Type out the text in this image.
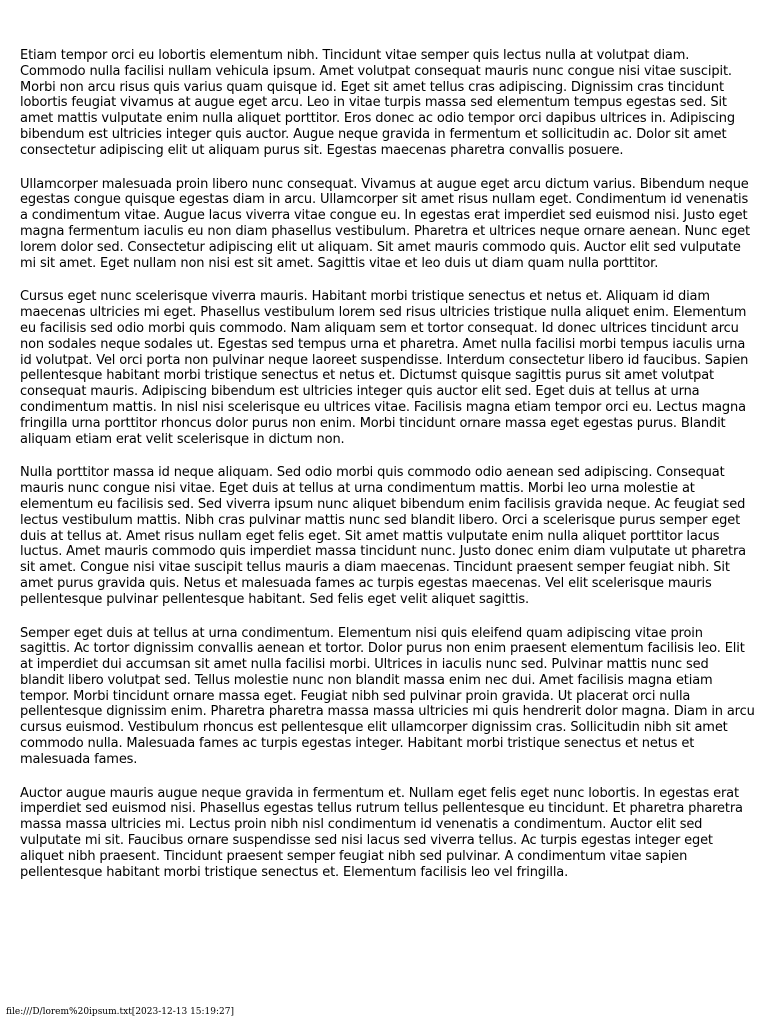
Etiam tempor orci eu lobortis elementum nibh. Tincidunt vitae semper quis lectus nulla at volutpat diam. Commodo nulla facilisi nullam vehicula ipsum. Amet volutpat consequat mauris nunc congue nisi vitae suscipit. Morbi non arcu risus quis varius quam quisque id. Eget sit amet tellus cras adipiscing. Dignissim cras tincidunt lobortis feugiat vivamus at augue eget arcu. Leo in vitae turpis massa sed elementum tempus egestas sed. Sit amet mattis vulputate enim nulla aliquet porttitor. Eros donec ac odio tempor orci dapibus ultrices in. Adipiscing bibendum est ultricies integer quis auctor. Augue neque gravida in fermentum et sollicitudin ac. Dolor sit amet consectetur adipiscing elit ut aliquam purus sit. Egestas maecenas pharetra convallis posuere.

Ullamcorper malesuada proin libero nunc consequat. Vivamus at augue eget arcu dictum varius. Bibendum neque egestas congue quisque egestas diam in arcu. Ullamcorper sit amet risus nullam eget. Condimentum id venenatis a condimentum vitae. Augue lacus viverra vitae congue eu. In egestas erat imperdiet sed euismod nisi. Justo eget magna fermentum iaculis eu non diam phasellus vestibulum. Pharetra et ultrices neque ornare aenean. Nunc eget lorem dolor sed. Consectetur adipiscing elit ut aliquam. Sit amet mauris commodo quis. Auctor elit sed vulputate mi sit amet. Eget nullam non nisi est sit amet. Sagittis vitae et leo duis ut diam quam nulla porttitor.

Cursus eget nunc scelerisque viverra mauris. Habitant morbi tristique senectus et netus et. Aliquam id diam maecenas ultricies mi eget. Phasellus vestibulum lorem sed risus ultricies tristique nulla aliquet enim. Elementum eu facilisis sed odio morbi quis commodo. Nam aliquam sem et tortor consequat. Id donec ultrices tincidunt arcu non sodales neque sodales ut. Egestas sed tempus urna et pharetra. Amet nulla facilisi morbi tempus iaculis urna id volutpat. Vel orci porta non pulvinar neque laoreet suspendisse. Interdum consectetur libero id faucibus. Sapien pellentesque habitant morbi tristique senectus et netus et. Dictumst quisque sagittis purus sit amet volutpat consequat mauris. Adipiscing bibendum est ultricies integer quis auctor elit sed. Eget duis at tellus at urna condimentum mattis. In nisl nisi scelerisque eu ultrices vitae. Facilisis magna etiam tempor orci eu. Lectus magna fringilla urna porttitor rhoncus dolor purus non enim. Morbi tincidunt ornare massa eget egestas purus. Blandit aliquam etiam erat velit scelerisque in dictum non.

Nulla porttitor massa id neque aliquam. Sed odio morbi quis commodo odio aenean sed adipiscing. Consequat mauris nunc congue nisi vitae. Eget duis at tellus at urna condimentum mattis. Morbi leo urna molestie at elementum eu facilisis sed. Sed viverra ipsum nunc aliquet bibendum enim facilisis gravida neque. Ac feugiat sed lectus vestibulum mattis. Nibh cras pulvinar mattis nunc sed blandit libero. Orci a scelerisque purus semper eget duis at tellus at. Amet risus nullam eget felis eget. Sit amet mattis vulputate enim nulla aliquet porttitor lacus luctus. Amet mauris commodo quis imperdiet massa tincidunt nunc. Justo donec enim diam vulputate ut pharetra sit amet. Congue nisi vitae suscipit tellus mauris a diam maecenas. Tincidunt praesent semper feugiat nibh. Sit amet purus gravida quis. Netus et malesuada fames ac turpis egestas maecenas. Vel elit scelerisque mauris pellentesque pulvinar pellentesque habitant. Sed felis eget velit aliquet sagittis.

Semper eget duis at tellus at urna condimentum. Elementum nisi quis eleifend quam adipiscing vitae proin sagittis. Ac tortor dignissim convallis aenean et tortor. Dolor purus non enim praesent elementum facilisis leo. Elit at imperdiet dui accumsan sit amet nulla facilisi morbi. Ultrices in iaculis nunc sed. Pulvinar mattis nunc sed blandit libero volutpat sed. Tellus molestie nunc non blandit massa enim nec dui. Amet facilisis magna etiam tempor. Morbi tincidunt ornare massa eget. Feugiat nibh sed pulvinar proin gravida. Ut placerat orci nulla pellentesque dignissim enim. Pharetra pharetra massa massa ultricies mi quis hendrerit dolor magna. Diam in arcu cursus euismod. Vestibulum rhoncus est pellentesque elit ullamcorper dignissim cras. Sollicitudin nibh sit amet commodo nulla. Malesuada fames ac turpis egestas integer. Habitant morbi tristique senectus et netus et malesuada fames.

Auctor augue mauris augue neque gravida in fermentum et. Nullam eget felis eget nunc lobortis. In egestas erat imperdiet sed euismod nisi. Phasellus egestas tellus rutrum tellus pellentesque eu tincidunt. Et pharetra pharetra massa massa ultricies mi. Lectus proin nibh nisl condimentum id venenatis a condimentum. Auctor elit sed vulputate mi sit. Faucibus ornare suspendisse sed nisi lacus sed viverra tellus. Ac turpis egestas integer eget aliquet nibh praesent. Tincidunt praesent semper feugiat nibh sed pulvinar. A condimentum vitae sapien pellentesque habitant morbi tristique senectus et. Elementum facilisis leo vel fringilla.

file:///D/lorem%20ipsum.txt[2023-12-13 15:19:27]
